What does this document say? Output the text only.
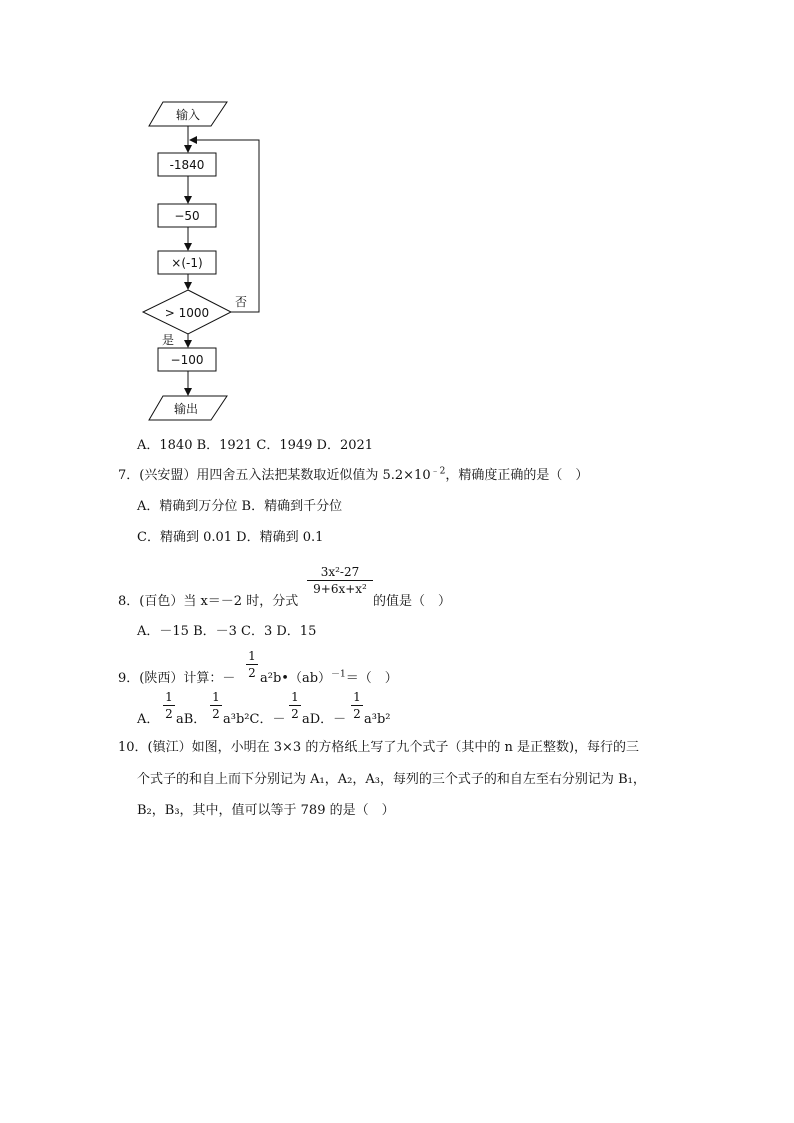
输入
-1840
−50
×(-1)
> 1000
否
是
−100
输出
A．1840 B．1921 C．1949 D．2021
7．(兴安盟）用四舍五入法把某数取近似值为 $5.2\times 10^{﹣2}$，精确度正确的是（　）
A．精确到万分位 B．精确到千分位
C．精确到 0.01 D．精确到 0.1
3x²-27
9+6x+x²
8．(百色）当 x＝－2 时，分式	的值是（　）
A．－15 B．－3 C．3 D．15
9．(陕西）计算：－
1
2 a²b•（ab）$^{-1}$＝（　）
A．
1
2 aB．
1
2 a³b²C．－
1
2 aD．－
1
2 a³b²
10．(镇江）如图，小明在 3×3 的方格纸上写了九个式子（其中的 n 是正整数)，每行的三
个式子的和自上而下分别记为 A₁，A₂，A₃，每列的三个式子的和自左至右分别记为 B₁，
B₂，B₃，其中，值可以等于 789 的是（　）
